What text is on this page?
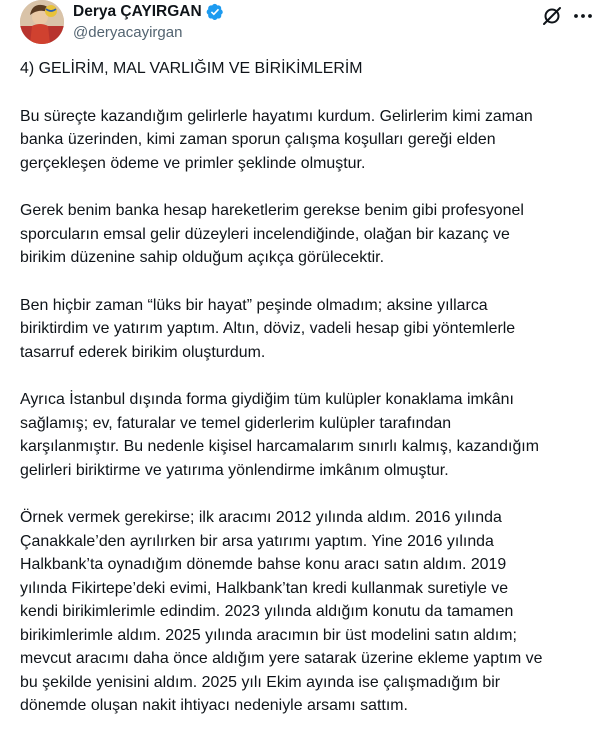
Derya ÇAYIRGAN
@deryacayirgan
4) GELİRİM, MAL VARLIĞIM VE BİRİKİMLERİM
Bu süreçte kazandığım gelirlerle hayatımı kurdum. Gelirlerim kimi zaman
banka üzerinden, kimi zaman sporun çalışma koşulları gereği elden
gerçekleşen ödeme ve primler şeklinde olmuştur.
Gerek benim banka hesap hareketlerim gerekse benim gibi profesyonel
sporcuların emsal gelir düzeyleri incelendiğinde, olağan bir kazanç ve
birikim düzenine sahip olduğum açıkça görülecektir.
Ben hiçbir zaman “lüks bir hayat” peşinde olmadım; aksine yıllarca
biriktirdim ve yatırım yaptım. Altın, döviz, vadeli hesap gibi yöntemlerle
tasarruf ederek birikim oluşturdum.
Ayrıca İstanbul dışında forma giydiğim tüm kulüpler konaklama imkânı
sağlamış; ev, faturalar ve temel giderlerim kulüpler tarafından
karşılanmıştır. Bu nedenle kişisel harcamalarım sınırlı kalmış, kazandığım
gelirleri biriktirme ve yatırıma yönlendirme imkânım olmuştur.
Örnek vermek gerekirse; ilk aracımı 2012 yılında aldım. 2016 yılında
Çanakkale’den ayrılırken bir arsa yatırımı yaptım. Yine 2016 yılında
Halkbank’ta oynadığım dönemde bahse konu aracı satın aldım. 2019
yılında Fikirtepe’deki evimi, Halkbank’tan kredi kullanmak suretiyle ve
kendi birikimlerimle edindim. 2023 yılında aldığım konutu da tamamen
birikimlerimle aldım. 2025 yılında aracımın bir üst modelini satın aldım;
mevcut aracımı daha önce aldığım yere satarak üzerine ekleme yaptım ve
bu şekilde yenisini aldım. 2025 yılı Ekim ayında ise çalışmadığım bir
dönemde oluşan nakit ihtiyacı nedeniyle arsamı sattım.
